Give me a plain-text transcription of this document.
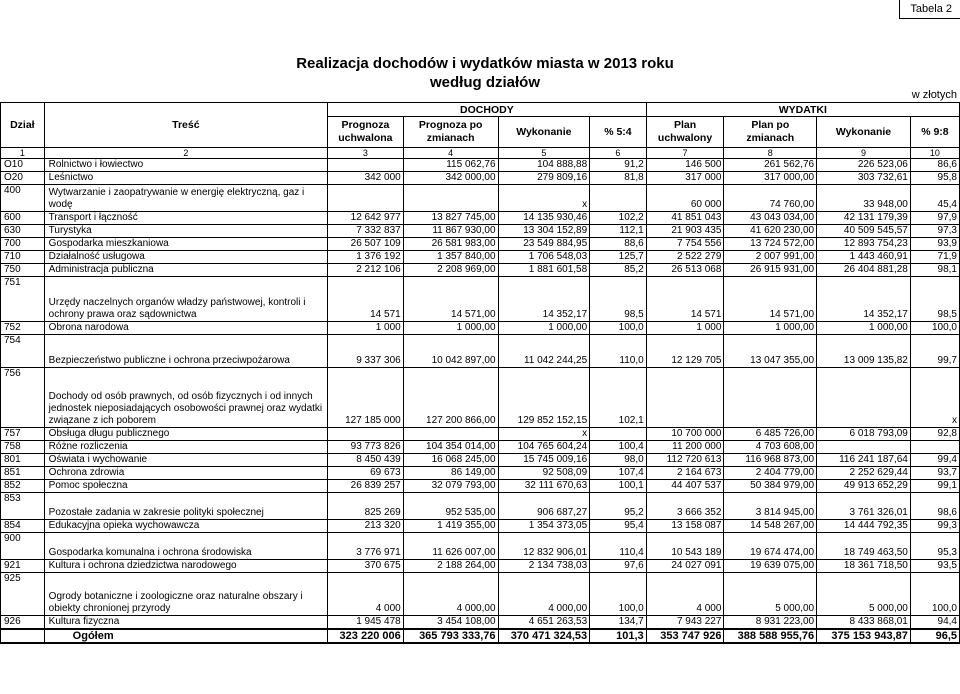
Tabela 2
Realizacja dochodów i wydatków miasta w 2013 roku
według działów
w złotych
Dział	Treść	DOCHODY				WYDATKI			
		Prognoza uchwalona	Prognoza po zmianach	Wykonanie	% 5:4	Plan uchwalony	Plan po zmianach	Wykonanie	% 9:8
1	2	3	4	5	6	7	8	9	10
O10	Rolnictwo i łowiectwo		115 062,76	104 888,88	91,2	146 500	261 562,76	226 523,06	86,6
O20	Leśnictwo	342 000	342 000,00	279 809,16	81,8	317 000	317 000,00	303 732,61	95,8
400	Wytwarzanie i zaopatrywanie w energię elektryczną, gaz i wodę			x		60 000	74 760,00	33 948,00	45,4
600	Transport i łączność	12 642 977	13 827 745,00	14 135 930,46	102,2	41 851 043	43 043 034,00	42 131 179,39	97,9
630	Turystyka	7 332 837	11 867 930,00	13 304 152,89	112,1	21 903 435	41 620 230,00	40 509 545,57	97,3
700	Gospodarka mieszkaniowa	26 507 109	26 581 983,00	23 549 884,95	88,6	7 754 556	13 724 572,00	12 893 754,23	93,9
710	Działalność usługowa	1 376 192	1 357 840,00	1 706 548,03	125,7	2 522 279	2 007 991,00	1 443 460,91	71,9
750	Administracja publiczna	2 212 106	2 208 969,00	1 881 601,58	85,2	26 513 068	26 915 931,00	26 404 881,28	98,1
751	Urzędy naczelnych organów władzy państwowej, kontroli i ochrony prawa oraz sądownictwa	14 571	14 571,00	14 352,17	98,5	14 571	14 571,00	14 352,17	98,5
752	Obrona narodowa	1 000	1 000,00	1 000,00	100,0	1 000	1 000,00	1 000,00	100,0
754	Bezpieczeństwo publiczne i ochrona przeciwpożarowa	9 337 306	10 042 897,00	11 042 244,25	110,0	12 129 705	13 047 355,00	13 009 135,82	99,7
756	Dochody od osób prawnych, od osób fizycznych i od innych jednostek nieposiadających osobowości prawnej oraz wydatki związane z ich poborem	127 185 000	127 200 866,00	129 852 152,15	102,1				x
757	Obsługa długu publicznego			x		10 700 000	6 485 726,00	6 018 793,09	92,8
758	Różne rozliczenia	93 773 826	104 354 014,00	104 765 604,24	100,4	11 200 000	4 703 608,00		
801	Oświata i wychowanie	8 450 439	16 068 245,00	15 745 009,16	98,0	112 720 613	116 968 873,00	116 241 187,64	99,4
851	Ochrona zdrowia	69 673	86 149,00	92 508,09	107,4	2 164 673	2 404 779,00	2 252 629,44	93,7
852	Pomoc społeczna	26 839 257	32 079 793,00	32 111 670,63	100,1	44 407 537	50 384 979,00	49 913 652,29	99,1
853	Pozostałe zadania w zakresie polityki społecznej	825 269	952 535,00	906 687,27	95,2	3 666 352	3 814 945,00	3 761 326,01	98,6
854	Edukacyjna opieka wychowawcza	213 320	1 419 355,00	1 354 373,05	95,4	13 158 087	14 548 267,00	14 444 792,35	99,3
900	Gospodarka komunalna i ochrona środowiska	3 776 971	11 626 007,00	12 832 906,01	110,4	10 543 189	19 674 474,00	18 749 463,50	95,3
921	Kultura i ochrona dziedzictwa narodowego	370 675	2 188 264,00	2 134 738,03	97,6	24 027 091	19 639 075,00	18 361 718,50	93,5
925	Ogrody botaniczne i zoologiczne oraz naturalne obszary i obiekty chronionej przyrody	4 000	4 000,00	4 000,00	100,0	4 000	5 000,00	5 000,00	100,0
926	Kultura fizyczna	1 945 478	3 454 108,00	4 651 263,53	134,7	7 943 227	8 931 223,00	8 433 868,01	94,4
	Ogółem	323 220 006	365 793 333,76	370 471 324,53	101,3	353 747 926	388 588 955,76	375 153 943,87	96,5
